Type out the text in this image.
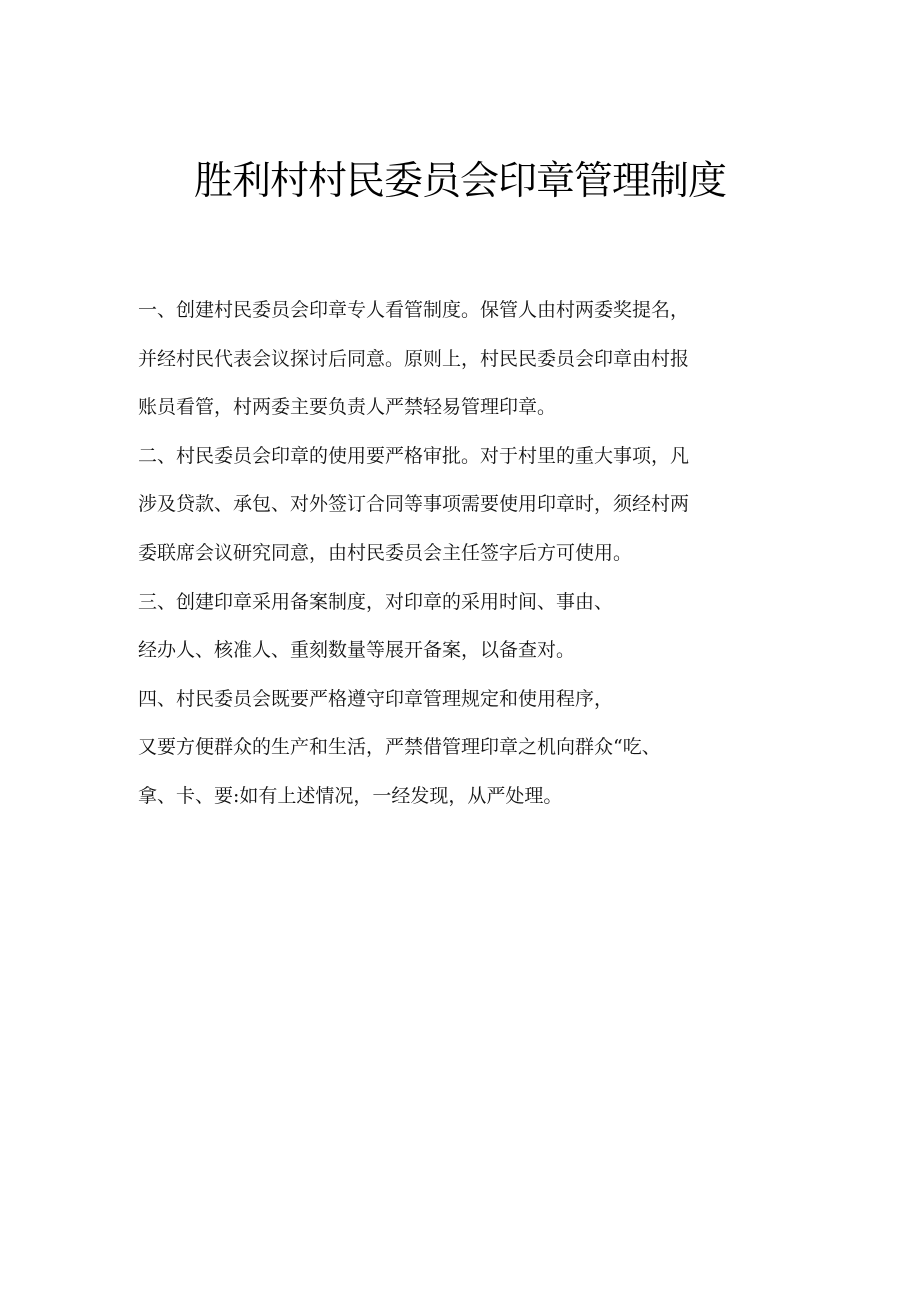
胜利村村民委员会印章管理制度
一、创建村民委员会印章专人看管制度。保管人由村两委奖提名，
并经村民代表会议探讨后同意。原则上，村民民委员会印章由村报
账员看管，村两委主要负责人严禁轻易管理印章。
二、村民委员会印章的使用要严格审批。对于村里的重大事项，凡
涉及贷款、承包、对外签订合同等事项需要使用印章时，须经村两
委联席会议研究同意，由村民委员会主任签字后方可使用。
三、创建印章采用备案制度，对印章的采用时间、事由、
经办人、核准人、重刻数量等展开备案，以备查对。
四、村民委员会既要严格遵守印章管理规定和使用程序，
又要方便群众的生产和生活，严禁借管理印章之机向群众“吃、
拿、卡、要:如有上述情况，一经发现，从严处理。
